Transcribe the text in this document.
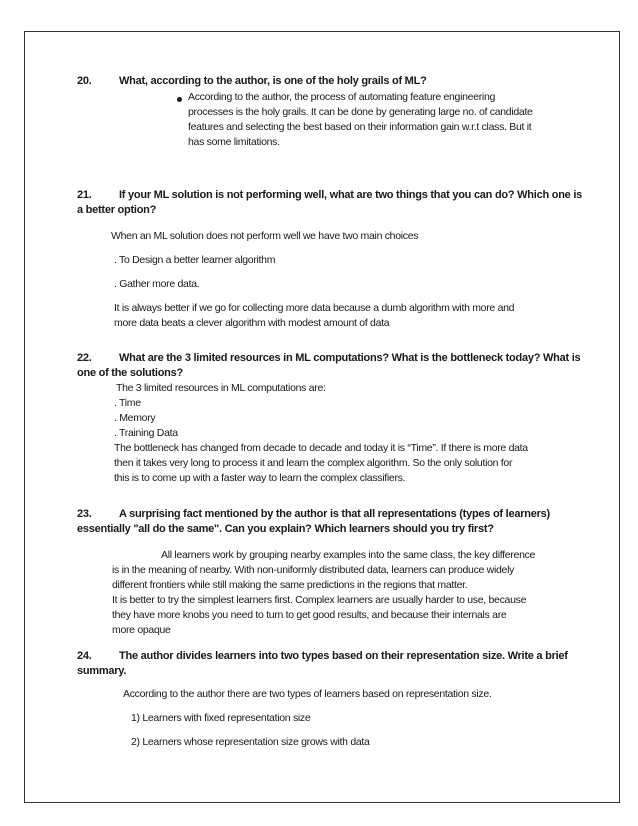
20. What, according to the author, is one of the holy grails of ML?
According to the author, the process of automating feature engineering
processes is the holy grails. It can be done by generating large no. of candidate
features and selecting the best based on their information gain w.r.t class. But it
has some limitations.
21. If your ML solution is not performing well, what are two things that you can do? Which one is
a better option?
When an ML solution does not perform well we have two main choices
. To Design a better learner algorithm
. Gather more data.
It is always better if we go for collecting more data because a dumb algorithm with more and
more data beats a clever algorithm with modest amount of data
22. What are the 3 limited resources in ML computations? What is the bottleneck today? What is
one of the solutions?
The 3 limited resources in ML computations are:
. Time
. Memory
. Training Data
The bottleneck has changed from decade to decade and today it is “Time”. If there is more data
then it takes very long to process it and learn the complex algorithm. So the only solution for
this is to come up with a faster way to learn the complex classifiers.
23. A surprising fact mentioned by the author is that all representations (types of learners)
essentially "all do the same". Can you explain? Which learners should you try first?
All learners work by grouping nearby examples into the same class, the key difference
is in the meaning of nearby. With non-uniformly distributed data, learners can produce widely
different frontiers while still making the same predictions in the regions that matter.
It is better to try the simplest learners first. Complex learners are usually harder to use, because
they have more knobs you need to turn to get good results, and because their internals are
more opaque
24. The author divides learners into two types based on their representation size. Write a brief
summary.
According to the author there are two types of learners based on representation size.
1) Learners with fixed representation size
2) Learners whose representation size grows with data
